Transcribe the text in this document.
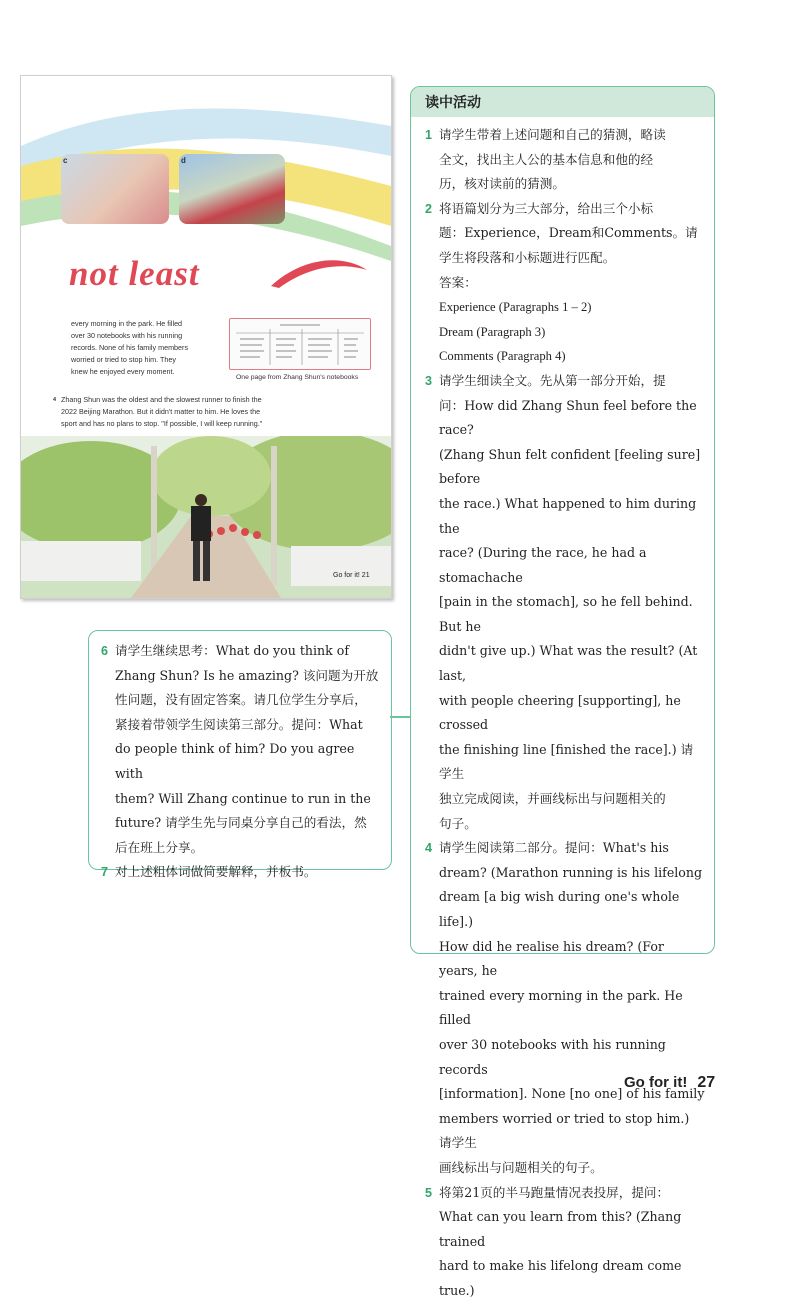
c	d
not least
every morning in the park. He filled
over 30 notebooks with his running
records. None of his family members
worried or tried to stop him. They
knew he enjoyed every moment.
One page from Zhang Shun's notebooks
4 Zhang Shun was the oldest and the slowest runner to finish the
2022 Beijing Marathon. But it didn't matter to him. He loves the
sport and has no plans to stop. "If possible, I will keep running."
Go for it! 21
读中活动
1 请学生带着上述问题和自己的猜测，略读
全文，找出主人公的基本信息和他的经
历，核对读前的猜测。
2 将语篇划分为三大部分，给出三个小标
题：Experience，Dream和Comments。请
学生将段落和小标题进行匹配。
答案：
Experience (Paragraphs 1 – 2)
Dream (Paragraph 3)
Comments (Paragraph 4)
3 请学生细读全文。先从第一部分开始，提
问：How did Zhang Shun feel before the race?
(Zhang Shun felt confident [feeling sure] before
the race.) What happened to him during the
race? (During the race, he had a stomachache
[pain in the stomach], so he fell behind. But he
didn't give up.) What was the result? (At last,
with people cheering [supporting], he crossed
the finishing line [finished the race].) 请学生
独立完成阅读，并画线标出与问题相关的
句子。
4 请学生阅读第二部分。提问：What's his
dream? (Marathon running is his lifelong
dream [a big wish during one's whole life].)
How did he realise his dream? (For years, he
trained every morning in the park. He filled
over 30 notebooks with his running records
[information]. None [no one] of his family
members worried or tried to stop him.) 请学生
画线标出与问题相关的句子。
5 将第21页的半马跑量情况表投屏，提问：
What can you learn from this? (Zhang trained
hard to make his lifelong dream come true.)
6 请学生继续思考：What do you think of
Zhang Shun? Is he amazing? 该问题为开放
性问题，没有固定答案。请几位学生分享后，
紧接着带领学生阅读第三部分。提问：What
do people think of him? Do you agree with
them? Will Zhang continue to run in the
future? 请学生先与同桌分享自己的看法，然
后在班上分享。
7 对上述粗体词做简要解释，并板书。
Go for it! 27
